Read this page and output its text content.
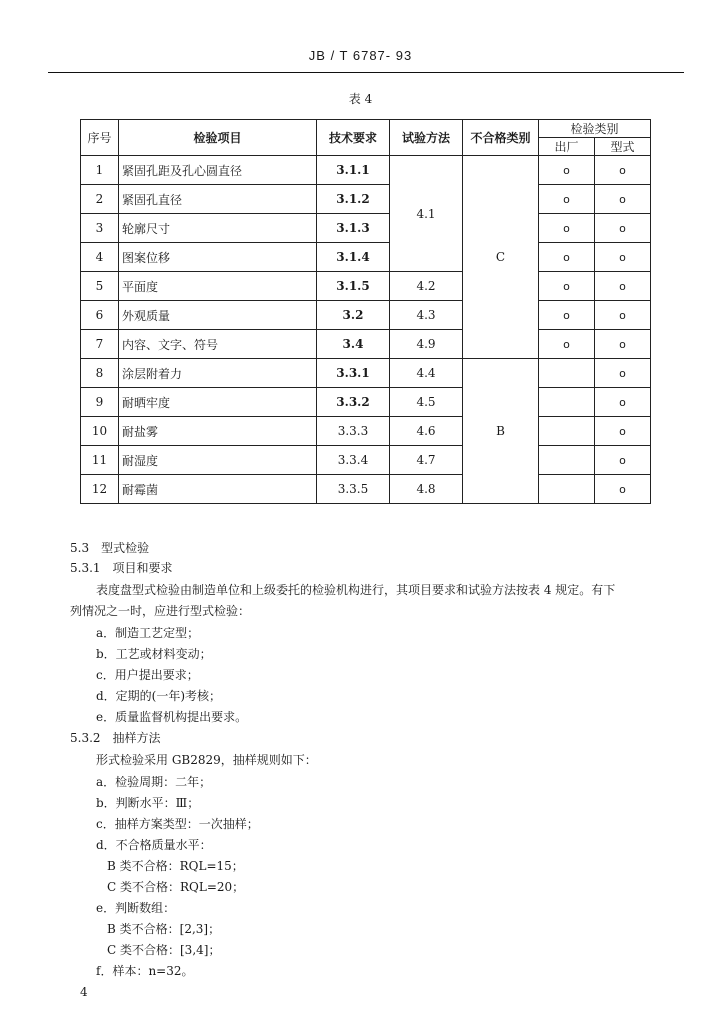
JB / T 6787- 93
表 4
序号	检验项目	技术要求	试验方法	不合格类别	检验类别	
					出厂	型式
1	紧固孔距及孔心圆直径	3.1.1	4.1	C	o	o
2	紧固孔直径	3.1.2			o	o
3	轮廓尺寸	3.1.3			o	o
4	图案位移	3.1.4			o	o
5	平面度	3.1.5	4.2		o	o
6	外观质量	3.2	4.3		o	o
7	内容、文字、符号	3.4	4.9		o	o
8	涂层附着力	3.3.1	4.4	B		o
9	耐晒牢度	3.3.2	4.5			o
10	耐盐雾	3.3.3	4.6			o
11	耐湿度	3.3.4	4.7			o
12	耐霉菌	3.3.5	4.8			o
5.3　型式检验
5.3.1　项目和要求
表度盘型式检验由制造单位和上级委托的检验机构进行，其项目要求和试验方法按表 4 规定。有下
列情况之一时，应进行型式检验：
a．制造工艺定型；
b．工艺或材料变动；
c．用户提出要求；
d．定期的(一年)考核；
e．质量监督机构提出要求。
5.3.2　抽样方法
形式检验采用 GB2829，抽样规则如下：
a．检验周期：二年；
b．判断水平：Ⅲ；
c．抽样方案类型：一次抽样；
d．不合格质量水平：
B 类不合格：RQL=15；
C 类不合格：RQL=20；
e．判断数组：
B 类不合格：[2,3]；
C 类不合格：[3,4]；
f．样本：n=32。
4
